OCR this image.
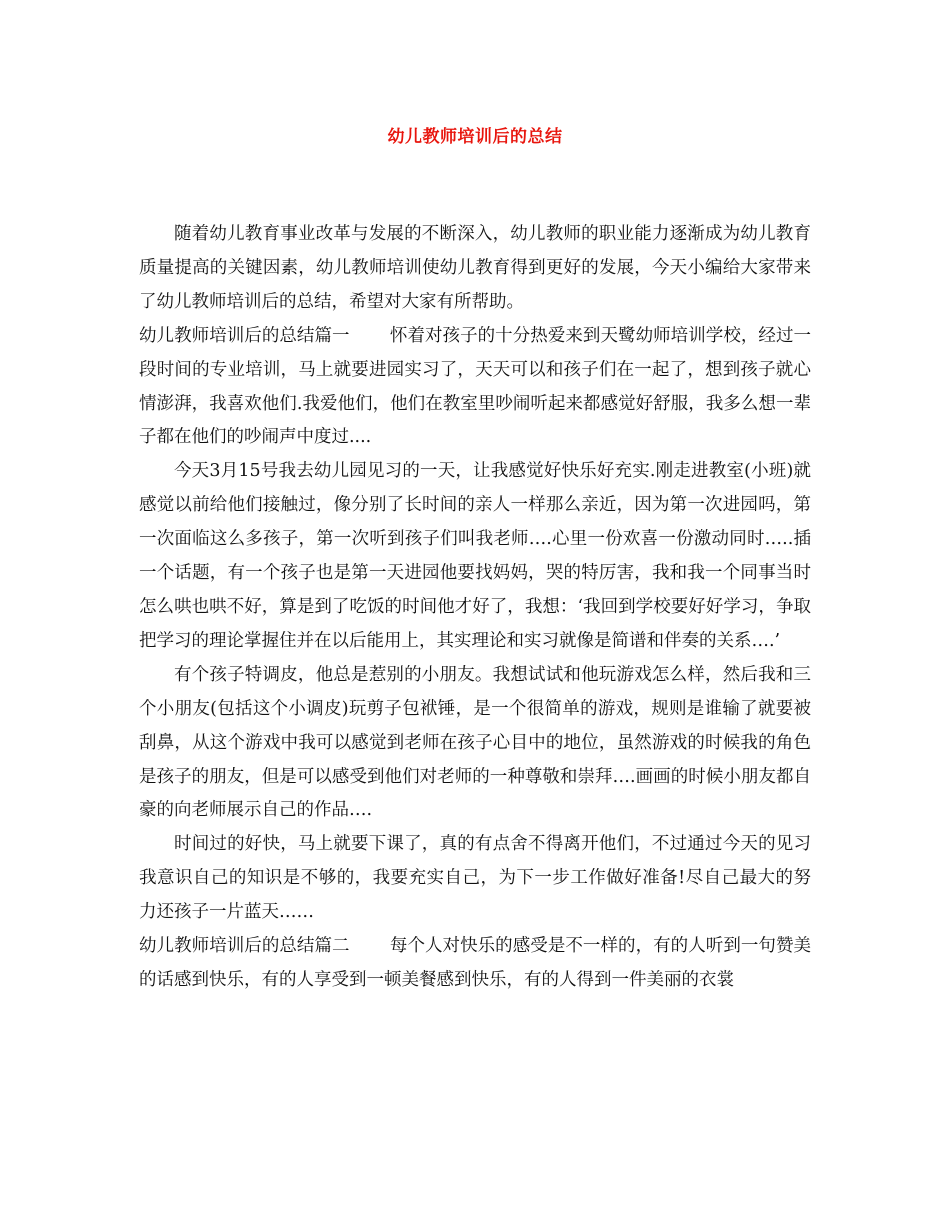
幼儿教师培训后的总结

随着幼儿教育事业改革与发展的不断深入，幼儿教师的职业能力逐渐成为幼儿教育质量提高的关键因素，幼儿教师培训使幼儿教育得到更好的发展，今天小编给大家带来了幼儿教师培训后的总结，希望对大家有所帮助。

幼儿教师培训后的总结篇一 怀着对孩子的十分热爱来到天鹭幼师培训学校，经过一段时间的专业培训，马上就要进园实习了，天天可以和孩子们在一起了，想到孩子就心情澎湃，我喜欢他们.我爱他们，他们在教室里吵闹听起来都感觉好舒服，我多么想一辈子都在他们的吵闹声中度过....

今天3月15号我去幼儿园见习的一天，让我感觉好快乐好充实.刚走进教室(小班)就感觉以前给他们接触过，像分别了长时间的亲人一样那么亲近，因为第一次进园吗，第一次面临这么多孩子，第一次听到孩子们叫我老师….心里一份欢喜一份激动同时…..插一个话题，有一个孩子也是第一天进园他要找妈妈，哭的特厉害，我和我一个同事当时怎么哄也哄不好，算是到了吃饭的时间他才好了，我想：‘我回到学校要好好学习，争取把学习的理论掌握住并在以后能用上，其实理论和实习就像是简谱和伴奏的关系….’

有个孩子特调皮，他总是惹别的小朋友。我想试试和他玩游戏怎么样，然后我和三个小朋友(包括这个小调皮)玩剪子包袱锤，是一个很简单的游戏，规则是谁输了就要被刮鼻，从这个游戏中我可以感觉到老师在孩子心目中的地位，虽然游戏的时候我的角色是孩子的朋友，但是可以感受到他们对老师的一种尊敬和崇拜….画画的时候小朋友都自豪的向老师展示自己的作品….

时间过的好快，马上就要下课了，真的有点舍不得离开他们，不过通过今天的见习我意识自己的知识是不够的，我要充实自己，为下一步工作做好准备!尽自己最大的努力还孩子一片蓝天……

幼儿教师培训后的总结篇二 每个人对快乐的感受是不一样的，有的人听到一句赞美的话感到快乐，有的人享受到一顿美餐感到快乐，有的人得到一件美丽的衣裳
